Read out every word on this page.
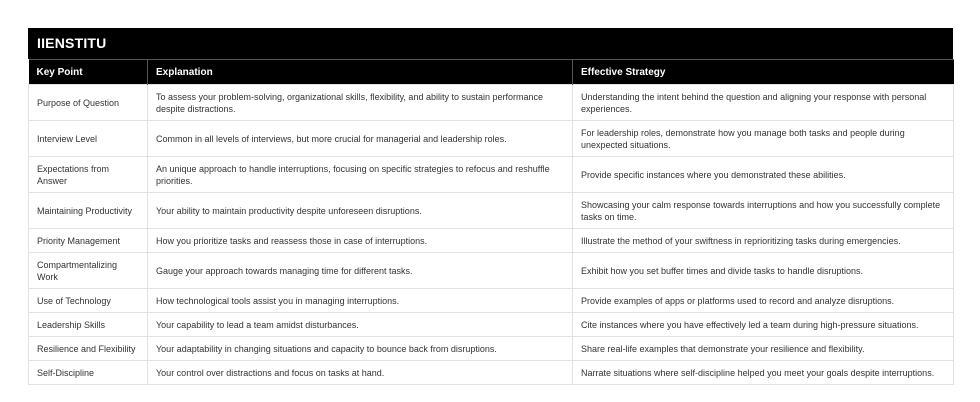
IIENSTITU
Key Point	Explanation	Effective Strategy
Purpose of Question	To assess your problem-solving, organizational skills, flexibility, and ability to sustain performance despite distractions.	Understanding the intent behind the question and aligning your response with personal experiences.
Interview Level	Common in all levels of interviews, but more crucial for managerial and leadership roles.	For leadership roles, demonstrate how you manage both tasks and people during unexpected situations.
Expectations from Answer	An unique approach to handle interruptions, focusing on specific strategies to refocus and reshuffle priorities.	Provide specific instances where you demonstrated these abilities.
Maintaining Productivity	Your ability to maintain productivity despite unforeseen disruptions.	Showcasing your calm response towards interruptions and how you successfully complete tasks on time.
Priority Management	How you prioritize tasks and reassess those in case of interruptions.	Illustrate the method of your swiftness in reprioritizing tasks during emergencies.
Compartmentalizing Work	Gauge your approach towards managing time for different tasks.	Exhibit how you set buffer times and divide tasks to handle disruptions.
Use of Technology	How technological tools assist you in managing interruptions.	Provide examples of apps or platforms used to record and analyze disruptions.
Leadership Skills	Your capability to lead a team amidst disturbances.	Cite instances where you have effectively led a team during high-pressure situations.
Resilience and Flexibility	Your adaptability in changing situations and capacity to bounce back from disruptions.	Share real-life examples that demonstrate your resilience and flexibility.
Self-Discipline	Your control over distractions and focus on tasks at hand.	Narrate situations where self-discipline helped you meet your goals despite interruptions.
